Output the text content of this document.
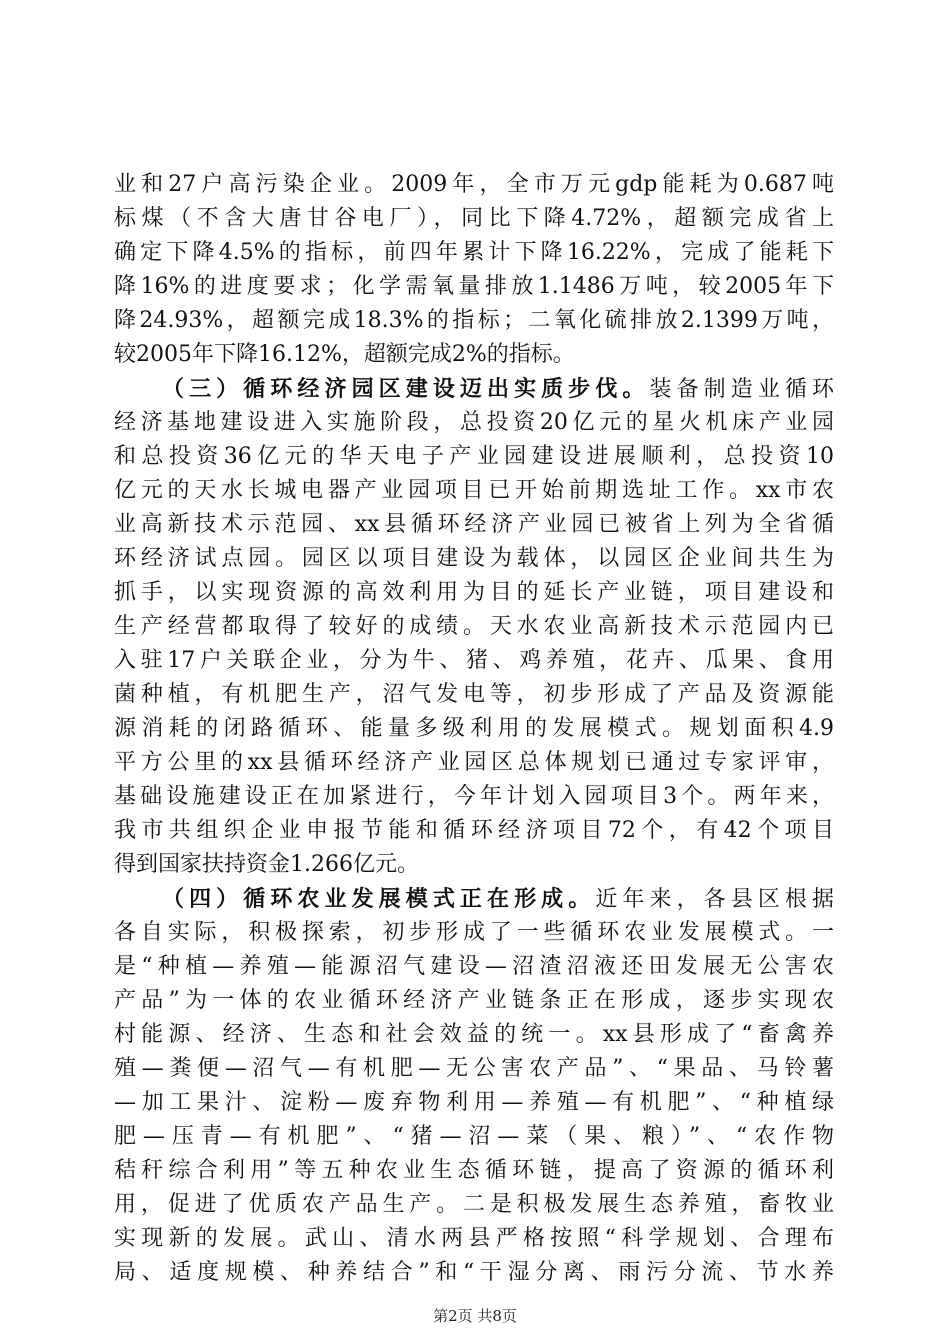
业和27户高污染企业。2009年，全市万元gdp能耗为0.687吨
标煤（不含大唐甘谷电厂），同比下降4.72%，超额完成省上
确定下降4.5%的指标，前四年累计下降16.22%，完成了能耗下
降16%的进度要求；化学需氧量排放1.1486万吨，较2005年下
降24.93%，超额完成18.3%的指标；二氧化硫排放2.1399万吨，
较2005年下降16.12%，超额完成2%的指标。
（三）循环经济园区建设迈出实质步伐。装备制造业循环
经济基地建设进入实施阶段，总投资20亿元的星火机床产业园
和总投资36亿元的华天电子产业园建设进展顺利，总投资10
亿元的天水长城电器产业园项目已开始前期选址工作。xx市农
业高新技术示范园、xx县循环经济产业园已被省上列为全省循
环经济试点园。园区以项目建设为载体，以园区企业间共生为
抓手，以实现资源的高效利用为目的延长产业链，项目建设和
生产经营都取得了较好的成绩。天水农业高新技术示范园内已
入驻17户关联企业，分为牛、猪、鸡养殖，花卉、瓜果、食用
菌种植，有机肥生产，沼气发电等，初步形成了产品及资源能
源消耗的闭路循环、能量多级利用的发展模式。规划面积4.9
平方公里的xx县循环经济产业园区总体规划已通过专家评审，
基础设施建设正在加紧进行，今年计划入园项目3个。两年来，
我市共组织企业申报节能和循环经济项目72个，有42个项目
得到国家扶持资金1.266亿元。
（四）循环农业发展模式正在形成。近年来，各县区根据
各自实际，积极探索，初步形成了一些循环农业发展模式。一
是“种植—养殖—能源沼气建设—沼渣沼液还田发展无公害农
产品”为一体的农业循环经济产业链条正在形成，逐步实现农
村能源、经济、生态和社会效益的统一。xx县形成了“畜禽养
殖—粪便—沼气—有机肥—无公害农产品”、“果品、马铃薯
—加工果汁、淀粉—废弃物利用—养殖—有机肥”、“种植绿
肥—压青—有机肥”、“猪—沼—菜（果、粮）”、“农作物
秸秆综合利用”等五种农业生态循环链，提高了资源的循环利
用，促进了优质农产品生产。二是积极发展生态养殖，畜牧业
实现新的发展。武山、清水两县严格按照“科学规划、合理布
局、适度规模、种养结合”和“干湿分离、雨污分流、节水养
第2页 共8页
